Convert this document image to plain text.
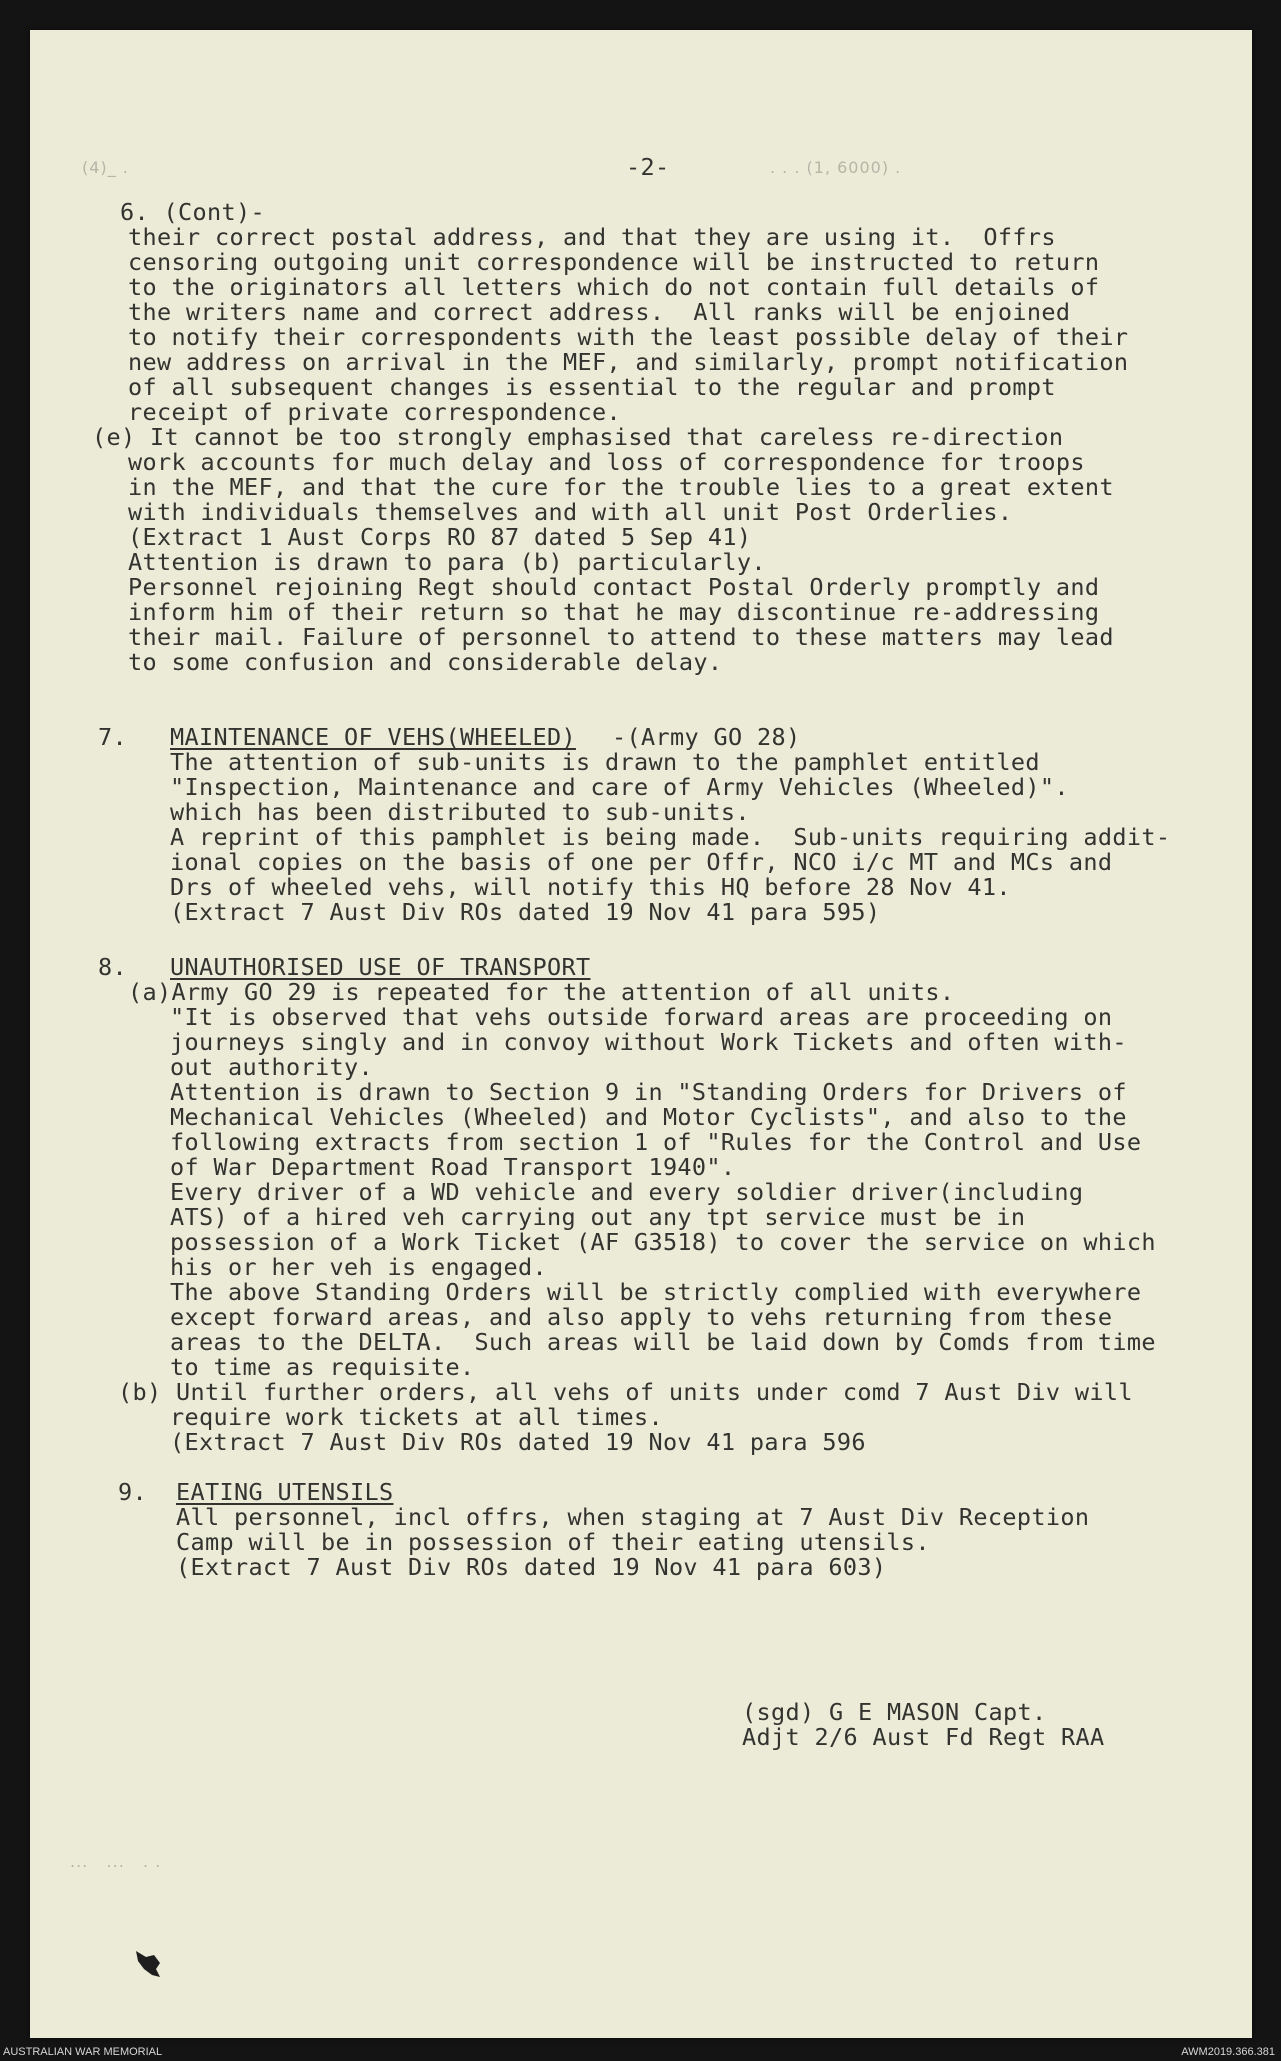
-2-
(4)_ .	. . . (1, 6000) .
6. (Cont)-
their correct postal address, and that they are using it.  Offrs
censoring outgoing unit correspondence will be instructed to return
to the originators all letters which do not contain full details of
the writers name and correct address.  All ranks will be enjoined
to notify their correspondents with the least possible delay of their
new address on arrival in the MEF, and similarly, prompt notification
of all subsequent changes is essential to the regular and prompt
receipt of private correspondence.
(e) It cannot be too strongly emphasised that careless re-direction
work accounts for much delay and loss of correspondence for troops
in the MEF, and that the cure for the trouble lies to a great extent
with individuals themselves and with all unit Post Orderlies.
(Extract 1 Aust Corps RO 87 dated 5 Sep 41)
Attention is drawn to para (b) particularly.
Personnel rejoining Regt should contact Postal Orderly promptly and
inform him of their return so that he may discontinue re-addressing
their mail. Failure of personnel to attend to these matters may lead
to some confusion and considerable delay.
7. MAINTENANCE OF VEHS(WHEELED) -(Army GO 28)
The attention of sub-units is drawn to the pamphlet entitled
"Inspection, Maintenance and care of Army Vehicles (Wheeled)".
which has been distributed to sub-units.
A reprint of this pamphlet is being made.  Sub-units requiring addit-
ional copies on the basis of one per Offr, NCO i/c MT and MCs and
Drs of wheeled vehs, will notify this HQ before 28 Nov 41.
(Extract 7 Aust Div ROs dated 19 Nov 41 para 595)
8. UNAUTHORISED USE OF TRANSPORT
(a)Army GO 29 is repeated for the attention of all units.
"It is observed that vehs outside forward areas are proceeding on
journeys singly and in convoy without Work Tickets and often with-
out authority.
Attention is drawn to Section 9 in "Standing Orders for Drivers of
Mechanical Vehicles (Wheeled) and Motor Cyclists", and also to the
following extracts from section 1 of "Rules for the Control and Use
of War Department Road Transport 1940".
Every driver of a WD vehicle and every soldier driver(including
ATS) of a hired veh carrying out any tpt service must be in
possession of a Work Ticket (AF G3518) to cover the service on which
his or her veh is engaged.
The above Standing Orders will be strictly complied with everywhere
except forward areas, and also apply to vehs returning from these
areas to the DELTA.  Such areas will be laid down by Comds from time
to time as requisite.
(b) Until further orders, all vehs of units under comd 7 Aust Div will
require work tickets at all times.
(Extract 7 Aust Div ROs dated 19 Nov 41 para 596
9. EATING UTENSILS
All personnel, incl offrs, when staging at 7 Aust Div Reception
Camp will be in possession of their eating utensils.
(Extract 7 Aust Div ROs dated 19 Nov 41 para 603)
(sgd) G E MASON Capt.
Adjt 2/6 Aust Fd Regt RAA
...   ...   . .
AUSTRALIAN WAR MEMORIAL	AWM2019.366.381
